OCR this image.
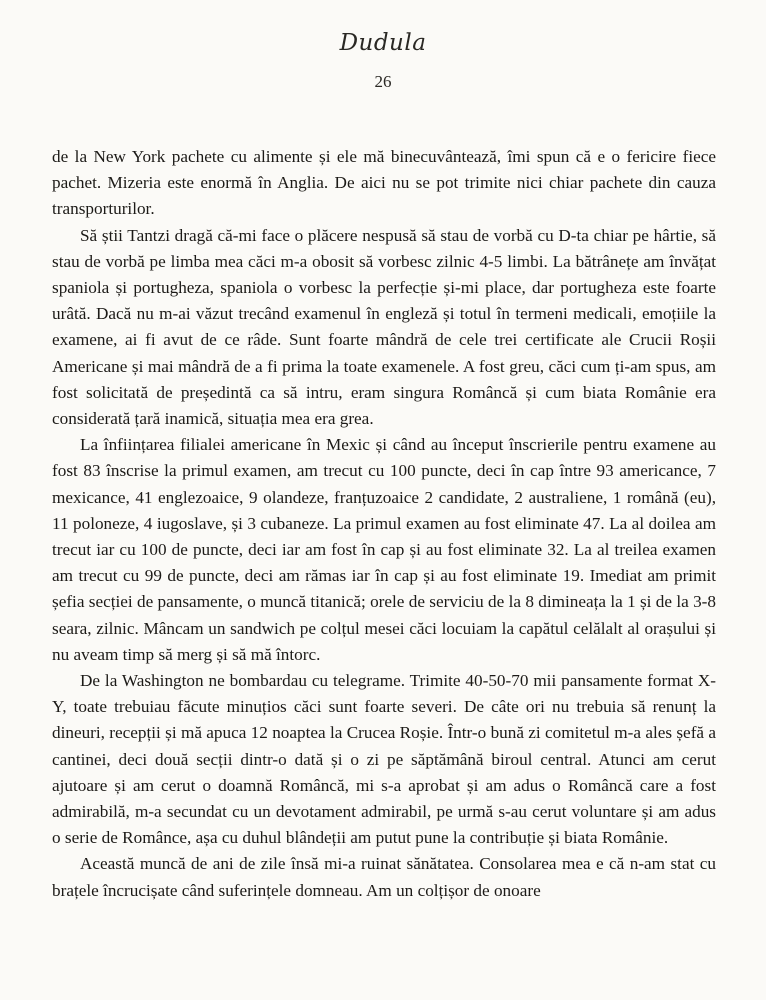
Dudula
26

de la New York pachete cu alimente și ele mă binecuvântează, îmi spun că e o fericire fiece pachet. Mizeria este enormă în Anglia. De aici nu se pot trimite nici chiar pachete din cauza transporturilor.

Să știi Tantzi dragă că-mi face o plăcere nespusă să stau de vorbă cu D-ta chiar pe hârtie, să stau de vorbă pe limba mea căci m-a obosit să vorbesc zilnic 4-5 limbi. La bătrânețe am învățat spaniola și portugheza, spaniola o vorbesc la perfecție și-mi place, dar portugheza este foarte urâtă. Dacă nu m-ai văzut trecând examenul în engleză și totul în termeni medicali, emoțiile la examene, ai fi avut de ce râde. Sunt foarte mândră de cele trei certificate ale Crucii Roșii Americane și mai mândră de a fi prima la toate examenele. A fost greu, căci cum ți-am spus, am fost solicitată de președintă ca să intru, eram singura Româncă și cum biata Românie era considerată țară inamică, situația mea era grea.

La înființarea filialei americane în Mexic și când au început înscrierile pentru examene au fost 83 înscrise la primul examen, am trecut cu 100 puncte, deci în cap între 93 americance, 7 mexicance, 41 englezoaice, 9 olandeze, franțuzoaice 2 candidate, 2 australiene, 1 română (eu), 11 poloneze, 4 iugoslave, și 3 cubaneze. La primul examen au fost eliminate 47. La al doilea am trecut iar cu 100 de puncte, deci iar am fost în cap și au fost eliminate 32. La al treilea examen am trecut cu 99 de puncte, deci am rămas iar în cap și au fost eliminate 19. Imediat am primit șefia secției de pansamente, o muncă titanică; orele de serviciu de la 8 dimineața la 1 și de la 3-8 seara, zilnic. Mâncam un sandwich pe colțul mesei căci locuiam la capătul celălalt al orașului și nu aveam timp să merg și să mă întorc.

De la Washington ne bombardau cu telegrame. Trimite 40-50-70 mii pansamente format X-Y, toate trebuiau făcute minuțios căci sunt foarte severi. De câte ori nu trebuia să renunț la dineuri, recepții și mă apuca 12 noaptea la Crucea Roșie. Într-o bună zi comitetul m-a ales șefă a cantinei, deci două secții dintr-o dată și o zi pe săptămână biroul central. Atunci am cerut ajutoare și am cerut o doamnă Româncă, mi s-a aprobat și am adus o Româncă care a fost admirabilă, m-a secundat cu un devotament admirabil, pe urmă s-au cerut voluntare și am adus o serie de Românce, așa cu duhul blândeții am putut pune la contribuție și biata Românie.

Această muncă de ani de zile însă mi-a ruinat sănătatea. Consolarea mea e că n-am stat cu brațele încrucișate când suferințele domneau. Am un colțișor de onoare
